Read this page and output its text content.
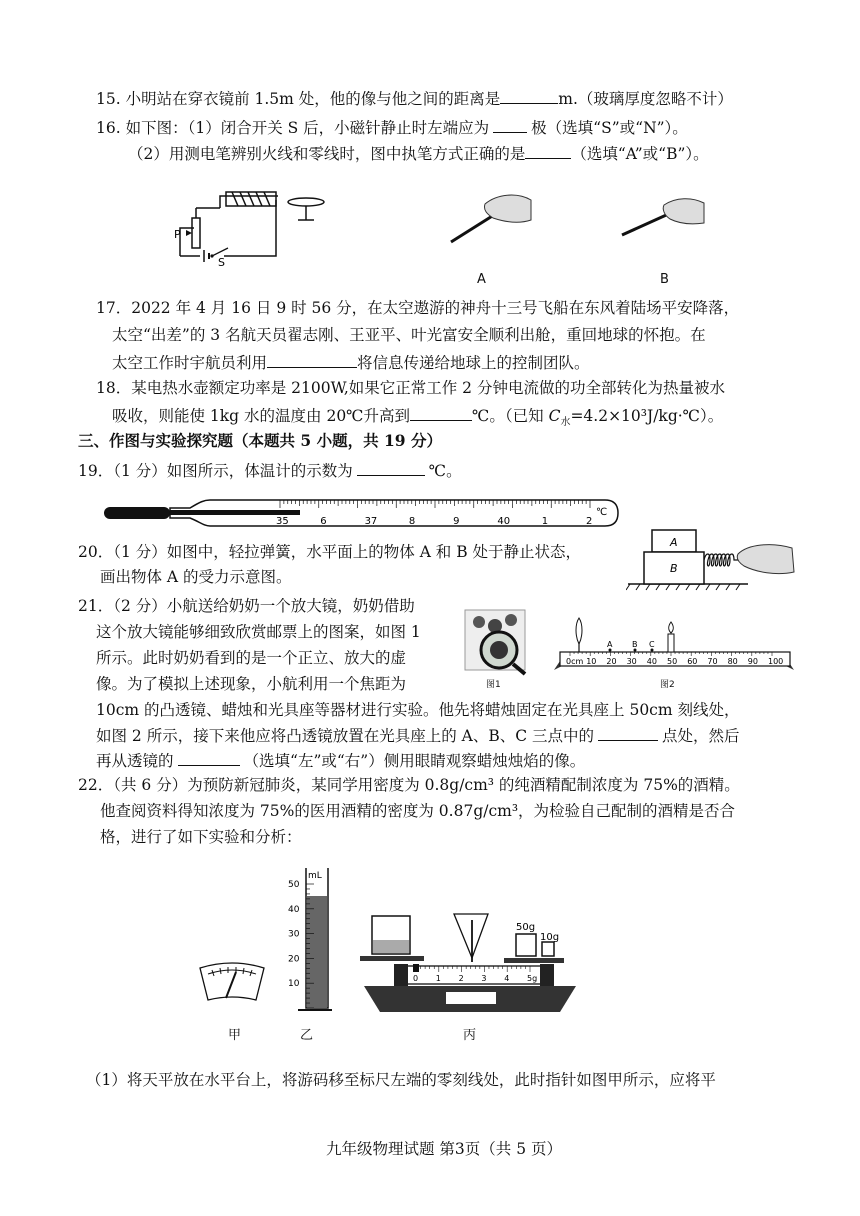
15. 小明站在穿衣镜前 1.5m 处，他的像与他之间的距离是	m.（玻璃厚度忽略不计）
16. 如下图：（1）闭合开关 S 后，小磁针静止时左端应为	极（选填“S”或“N”）。
（2）用测电笔辨别火线和零线时，图中执笔方式正确的是	（选填“A”或“B”）。
P
S
A	B
17．2022 年 4 月 16 日 9 时 56 分，在太空遨游的神舟十三号飞船在东风着陆场平安降落，
太空“出差”的 3 名航天员翟志刚、王亚平、叶光富安全顺利出舱，重回地球的怀抱。在
太空工作时宇航员利用	将信息传递给地球上的控制团队。
18．某电热水壶额定功率是 2100W,如果它正常工作 2 分钟电流做的功全部转化为热量被水
吸收，则能使 1kg 水的温度由 20℃升高到	℃。（已知 $C_水=4.2\times 10^3J/kg\cdot℃$）。
三、作图与实验探究题（本题共 5 小题，共 19 分）
19．（1 分）如图所示，体温计的示数为	℃。
35	6	37	8	9	40	1	2
℃
20．（1 分）如图中，轻拉弹簧，水平面上的物体 A 和 B 处于静止状态，
画出物体 A 的受力示意图。
A
B
21．（2 分）小航送给奶奶一个放大镜，奶奶借助
这个放大镜能够细致欣赏邮票上的图案，如图 1
所示。此时奶奶看到的是一个正立、放大的虚
像。为了模拟上述现象，小航利用一个焦距为
10cm 的凸透镜、蜡烛和光具座等器材进行实验。他先将蜡烛固定在光具座上 50cm 刻线处，
如图 2 所示，接下来他应将凸透镜放置在光具座上的 A、B、C 三点中的	点处，然后
再从透镜的	（选填“左”或“右”）侧用眼睛观察蜡烛烛焰的像。
图1
0cm 10 20 30 40 50 60 70 80 90 100
A B C
图2
22．（共 6 分）为预防新冠肺炎，某同学用密度为 0.8g/cm³ 的纯酒精配制浓度为 75%的酒精。
他查阅资料得知浓度为 75%的医用酒精的密度为 0.87g/cm³，为检验自己配制的酒精是否合
格，进行了如下实验和分析：
甲
mL
50
40
30
20
10
乙
50g
10g
0 1 2 3 4 5g
丙
（1）将天平放在水平台上，将游码移至标尺左端的零刻线处，此时指针如图甲所示，应将平
九年级物理试题 第3页（共 5 页）
